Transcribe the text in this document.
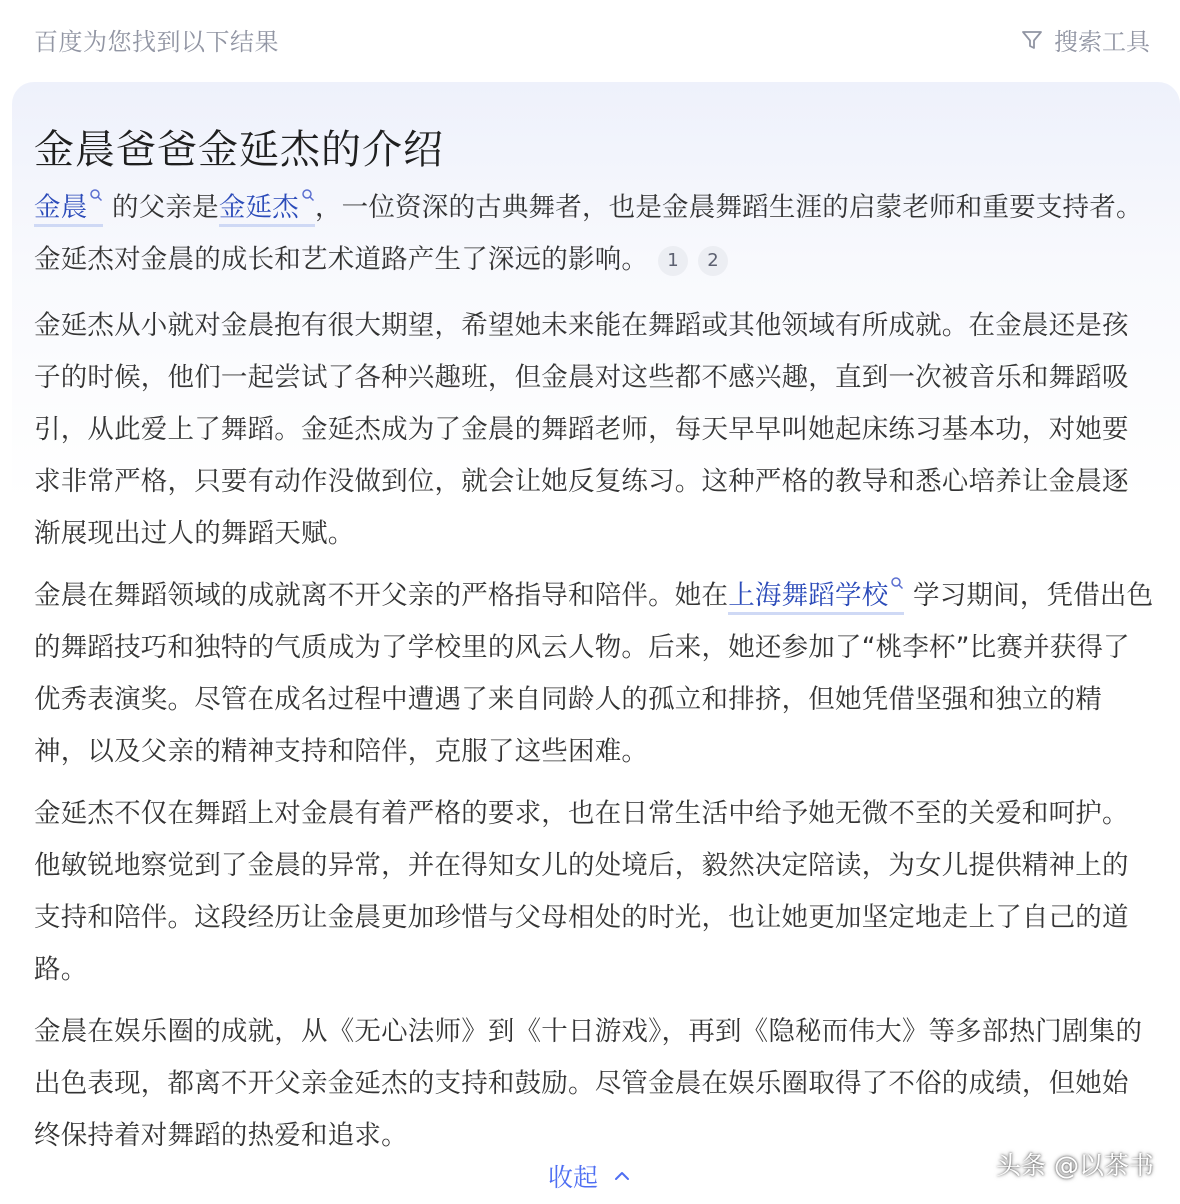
百度为您找到以下结果	搜索工具
金晨爸爸金延杰的介绍

金晨 的父亲是金延杰 ，一位资深的古典舞者，也是金晨舞蹈生涯的启蒙老师和重要支持者。金延杰对金晨的成长和艺术道路产生了深远的影响。 1 2

金延杰从小就对金晨抱有很大期望，希望她未来能在舞蹈或其他领域有所成就。在金晨还是孩子的时候，他们一起尝试了各种兴趣班，但金晨对这些都不感兴趣，直到一次被音乐和舞蹈吸引，从此爱上了舞蹈。金延杰成为了金晨的舞蹈老师，每天早早叫她起床练习基本功，对她要求非常严格，只要有动作没做到位，就会让她反复练习。这种严格的教导和悉心培养让金晨逐渐展现出过人的舞蹈天赋。

金晨在舞蹈领域的成就离不开父亲的严格指导和陪伴。她在上海舞蹈学校 学习期间，凭借出色的舞蹈技巧和独特的气质成为了学校里的风云人物。后来，她还参加了“桃李杯”比赛并获得了优秀表演奖。尽管在成名过程中遭遇了来自同龄人的孤立和排挤，但她凭借坚强和独立的精神，以及父亲的精神支持和陪伴，克服了这些困难。

金延杰不仅在舞蹈上对金晨有着严格的要求，也在日常生活中给予她无微不至的关爱和呵护。他敏锐地察觉到了金晨的异常，并在得知女儿的处境后，毅然决定陪读，为女儿提供精神上的支持和陪伴。这段经历让金晨更加珍惜与父母相处的时光，也让她更加坚定地走上了自己的道路。

金晨在娱乐圈的成就，从《无心法师》到《十日游戏》，再到《隐秘而伟大》等多部热门剧集的出色表现，都离不开父亲金延杰的支持和鼓励。尽管金晨在娱乐圈取得了不俗的成绩，但她始终保持着对舞蹈的热爱和追求。

收起	头条 @以茶书
